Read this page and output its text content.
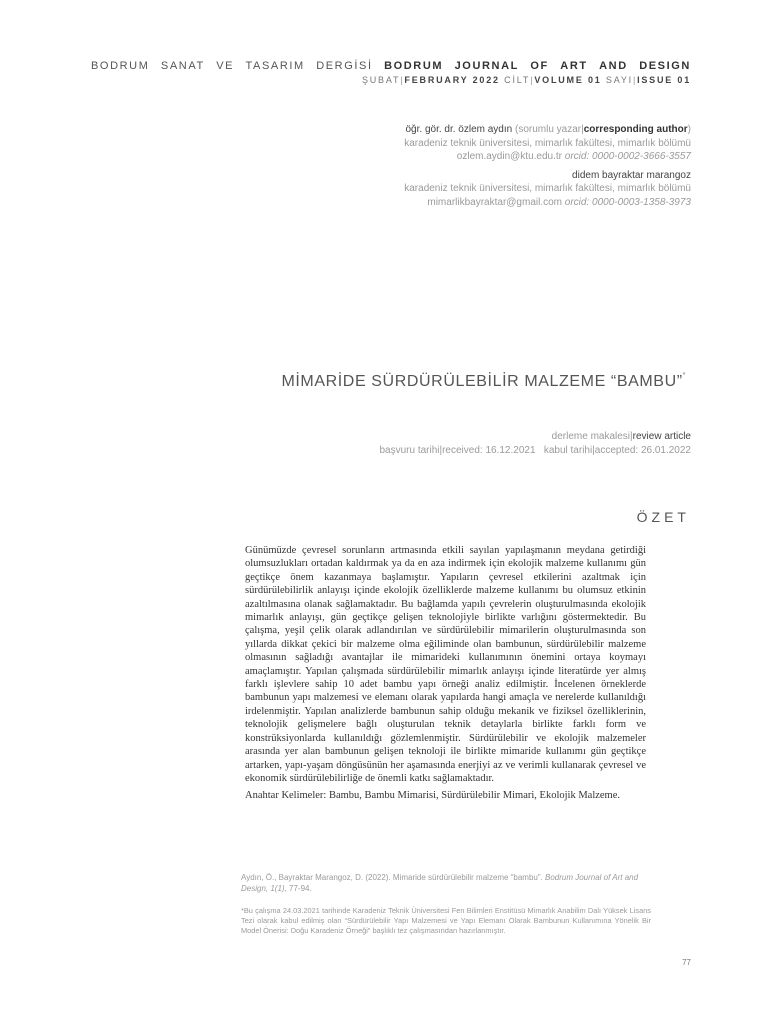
BODRUM SANAT VE TASARIM DERGİSİ BODRUM JOURNAL OF ART AND DESIGN
ŞUBAT|FEBRUARY 2022 CİLT|VOLUME 01 SAYI|ISSUE 01
öğr. gör. dr. özlem aydın (sorumlu yazar|corresponding author)
karadeniz teknik üniversitesi, mimarlık fakültesi, mimarlık bölümü
ozlem.aydin@ktu.edu.tr orcid: 0000-0002-3666-3557
didem bayraktar marangoz
karadeniz teknik üniversitesi, mimarlık fakültesi, mimarlık bölümü
mimarlikbayraktar@gmail.com orcid: 0000-0003-1358-3973
MİMARİDE SÜRDÜRÜLEBİLİR MALZEME “BAMBU”*
derleme makalesi|review article
başvuru tarihi|received: 16.12.2021 kabul tarihi|accepted: 26.01.2022
ÖZET

Günümüzde çevresel sorunların artmasında etkili sayılan yapılaşmanın meydana getirdiği olumsuzlukları ortadan kaldırmak ya da en aza indirmek için ekolojik malzeme kullanımı gün geçtikçe önem kazanmaya başlamıştır. Yapıların çevresel etkilerini azaltmak için sürdürülebilirlik anlayışı içinde ekolojik özelliklerde malzeme kullanımı bu olumsuz etkinin azaltılmasına olanak sağlamaktadır. Bu bağlamda yapılı çevrelerin oluşturulmasında ekolojik mimarlık anlayışı, gün geçtikçe gelişen teknolojiyle birlikte varlığını göstermektedir. Bu çalışma, yeşil çelik olarak adlandırılan ve sürdürülebilir mimarilerin oluşturulmasında son yıllarda dikkat çekici bir malzeme olma eğiliminde olan bambunun, sürdürülebilir malzeme olmasının sağladığı avantajlar ile mimarideki kullanımının önemini ortaya koymayı amaçlamıştır. Yapılan çalışmada sürdürülebilir mimarlık anlayışı içinde literatürde yer almış farklı işlevlere sahip 10 adet bambu yapı örneği analiz edilmiştir. İncelenen örneklerde bambunun yapı malzemesi ve elemanı olarak yapılarda hangi amaçla ve nerelerde kullanıldığı irdelenmiştir. Yapılan analizlerde bambunun sahip olduğu mekanik ve fiziksel özelliklerinin, teknolojik gelişmelere bağlı oluşturulan teknik detaylarla birlikte farklı form ve konstrüksiyonlarda kullanıldığı gözlemlenmiştir. Sürdürülebilir ve ekolojik malzemeler arasında yer alan bambunun gelişen teknoloji ile birlikte mimaride kullanımı gün geçtikçe artarken, yapı-yaşam döngüsünün her aşamasında enerjiyi az ve verimli kullanarak çevresel ve ekonomik sürdürülebilirliğe de önemli katkı sağlamaktadır.

Anahtar Kelimeler: Bambu, Bambu Mimarisi, Sürdürülebilir Mimari, Ekolojik Malzeme.

Aydın, Ö., Bayraktar Marangoz, D. (2022). Mimaride sürdürülebilir malzeme “bambu”. Bodrum Journal of Art and Design, 1(1), 77-94.
*Bu çalışma 24.03.2021 tarihinde Karadeniz Teknik Üniversitesi Fen Bilimleri Enstitüsü Mimarlık Anabilim Dalı Yüksek Lisans Tezi olarak kabul edilmiş olan “Sürdürülebilir Yapı Malzemesi ve Yapı Elemanı Olarak Bambunun Kullanımına Yönelik Bir Model Önerisi: Doğu Karadeniz Örneği” başlıklı tez çalışmasından hazırlanmıştır.
77
